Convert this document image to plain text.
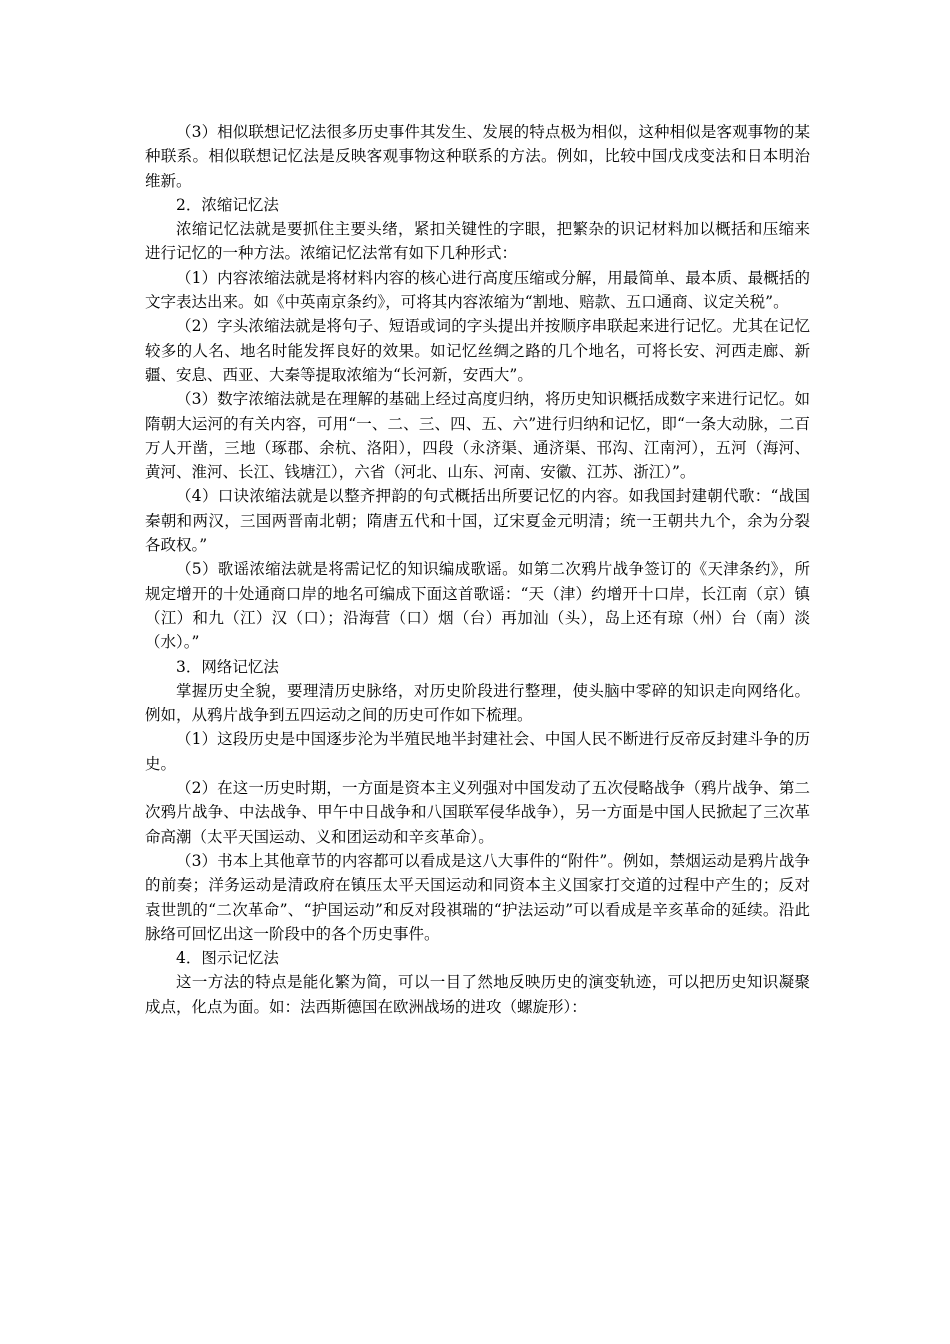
（3）相似联想记忆法很多历史事件其发生、发展的特点极为相似，这种相似是客观事物的某种联系。相似联想记忆法是反映客观事物这种联系的方法。例如，比较中国戊戌变法和日本明治维新。

2．浓缩记忆法

浓缩记忆法就是要抓住主要头绪，紧扣关键性的字眼，把繁杂的识记材料加以概括和压缩来进行记忆的一种方法。浓缩记忆法常有如下几种形式：

（1）内容浓缩法就是将材料内容的核心进行高度压缩或分解，用最简单、最本质、最概括的文字表达出来。如《中英南京条约》，可将其内容浓缩为“割地、赔款、五口通商、议定关税”。

（2）字头浓缩法就是将句子、短语或词的字头提出并按顺序串联起来进行记忆。尤其在记忆较多的人名、地名时能发挥良好的效果。如记忆丝绸之路的几个地名，可将长安、河西走廊、新疆、安息、西亚、大秦等提取浓缩为“长河新，安西大”。

（3）数字浓缩法就是在理解的基础上经过高度归纳，将历史知识概括成数字来进行记忆。如隋朝大运河的有关内容，可用“一、二、三、四、五、六”进行归纳和记忆，即“一条大动脉，二百万人开凿，三地（琢郡、余杭、洛阳），四段（永济渠、通济渠、邗沟、江南河），五河（海河、黄河、淮河、长江、钱塘江），六省（河北、山东、河南、安徽、江苏、浙江）”。

（4）口诀浓缩法就是以整齐押韵的句式概括出所要记忆的内容。如我国封建朝代歌：“战国秦朝和两汉，三国两晋南北朝；隋唐五代和十国，辽宋夏金元明清；统一王朝共九个，余为分裂各政权。”

（5）歌谣浓缩法就是将需记忆的知识编成歌谣。如第二次鸦片战争签订的《天津条约》，所规定增开的十处通商口岸的地名可编成下面这首歌谣：“天（津）约增开十口岸，长江南（京）镇（江）和九（江）汉（口）；沿海营（口）烟（台）再加汕（头），岛上还有琼（州）台（南）淡（水）。”

3．网络记忆法

掌握历史全貌，要理清历史脉络，对历史阶段进行整理，使头脑中零碎的知识走向网络化。例如，从鸦片战争到五四运动之间的历史可作如下梳理。

（1）这段历史是中国逐步沦为半殖民地半封建社会、中国人民不断进行反帝反封建斗争的历史。

（2）在这一历史时期，一方面是资本主义列强对中国发动了五次侵略战争（鸦片战争、第二次鸦片战争、中法战争、甲午中日战争和八国联军侵华战争），另一方面是中国人民掀起了三次革命高潮（太平天国运动、义和团运动和辛亥革命）。

（3）书本上其他章节的内容都可以看成是这八大事件的“附件”。例如，禁烟运动是鸦片战争的前奏；洋务运动是清政府在镇压太平天国运动和同资本主义国家打交道的过程中产生的；反对袁世凯的“二次革命”、“护国运动”和反对段祺瑞的“护法运动”可以看成是辛亥革命的延续。沿此脉络可回忆出这一阶段中的各个历史事件。

4．图示记忆法

这一方法的特点是能化繁为简，可以一目了然地反映历史的演变轨迹，可以把历史知识凝聚成点，化点为面。如：法西斯德国在欧洲战场的进攻（螺旋形）：
